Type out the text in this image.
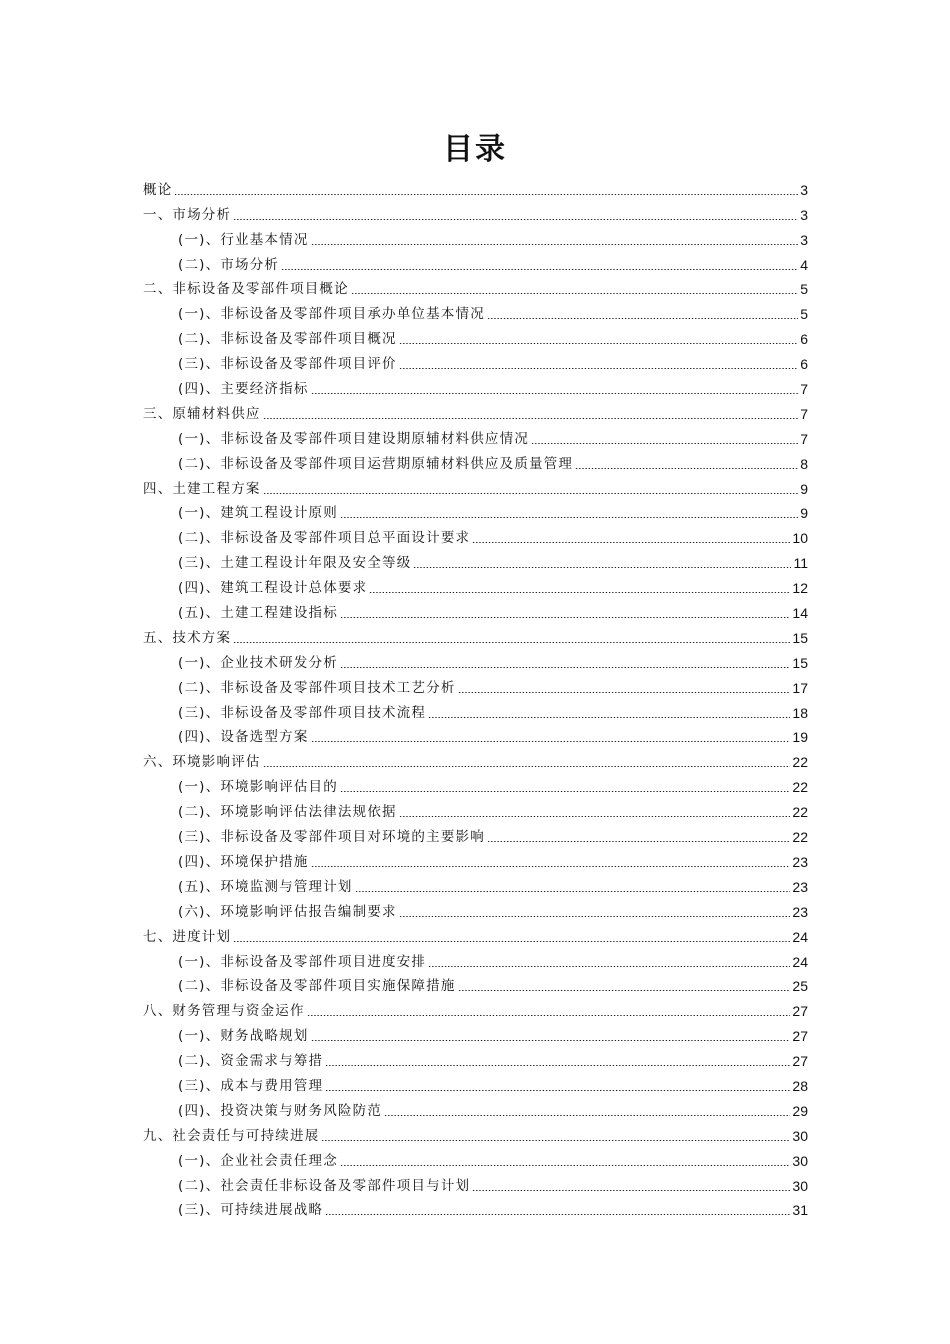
目录
概论	3
一、市场分析	3
(一)、行业基本情况	3
(二)、市场分析	4
二、非标设备及零部件项目概论	5
(一)、非标设备及零部件项目承办单位基本情况	5
(二)、非标设备及零部件项目概况	6
(三)、非标设备及零部件项目评价	6
(四)、主要经济指标	7
三、原辅材料供应	7
(一)、非标设备及零部件项目建设期原辅材料供应情况	7
(二)、非标设备及零部件项目运营期原辅材料供应及质量管理	8
四、土建工程方案	9
(一)、建筑工程设计原则	9
(二)、非标设备及零部件项目总平面设计要求	10
(三)、土建工程设计年限及安全等级	11
(四)、建筑工程设计总体要求	12
(五)、土建工程建设指标	14
五、技术方案	15
(一)、企业技术研发分析	15
(二)、非标设备及零部件项目技术工艺分析	17
(三)、非标设备及零部件项目技术流程	18
(四)、设备选型方案	19
六、环境影响评估	22
(一)、环境影响评估目的	22
(二)、环境影响评估法律法规依据	22
(三)、非标设备及零部件项目对环境的主要影响	22
(四)、环境保护措施	23
(五)、环境监测与管理计划	23
(六)、环境影响评估报告编制要求	23
七、进度计划	24
(一)、非标设备及零部件项目进度安排	24
(二)、非标设备及零部件项目实施保障措施	25
八、财务管理与资金运作	27
(一)、财务战略规划	27
(二)、资金需求与筹措	27
(三)、成本与费用管理	28
(四)、投资决策与财务风险防范	29
九、社会责任与可持续进展	30
(一)、企业社会责任理念	30
(二)、社会责任非标设备及零部件项目与计划	30
(三)、可持续进展战略	31
